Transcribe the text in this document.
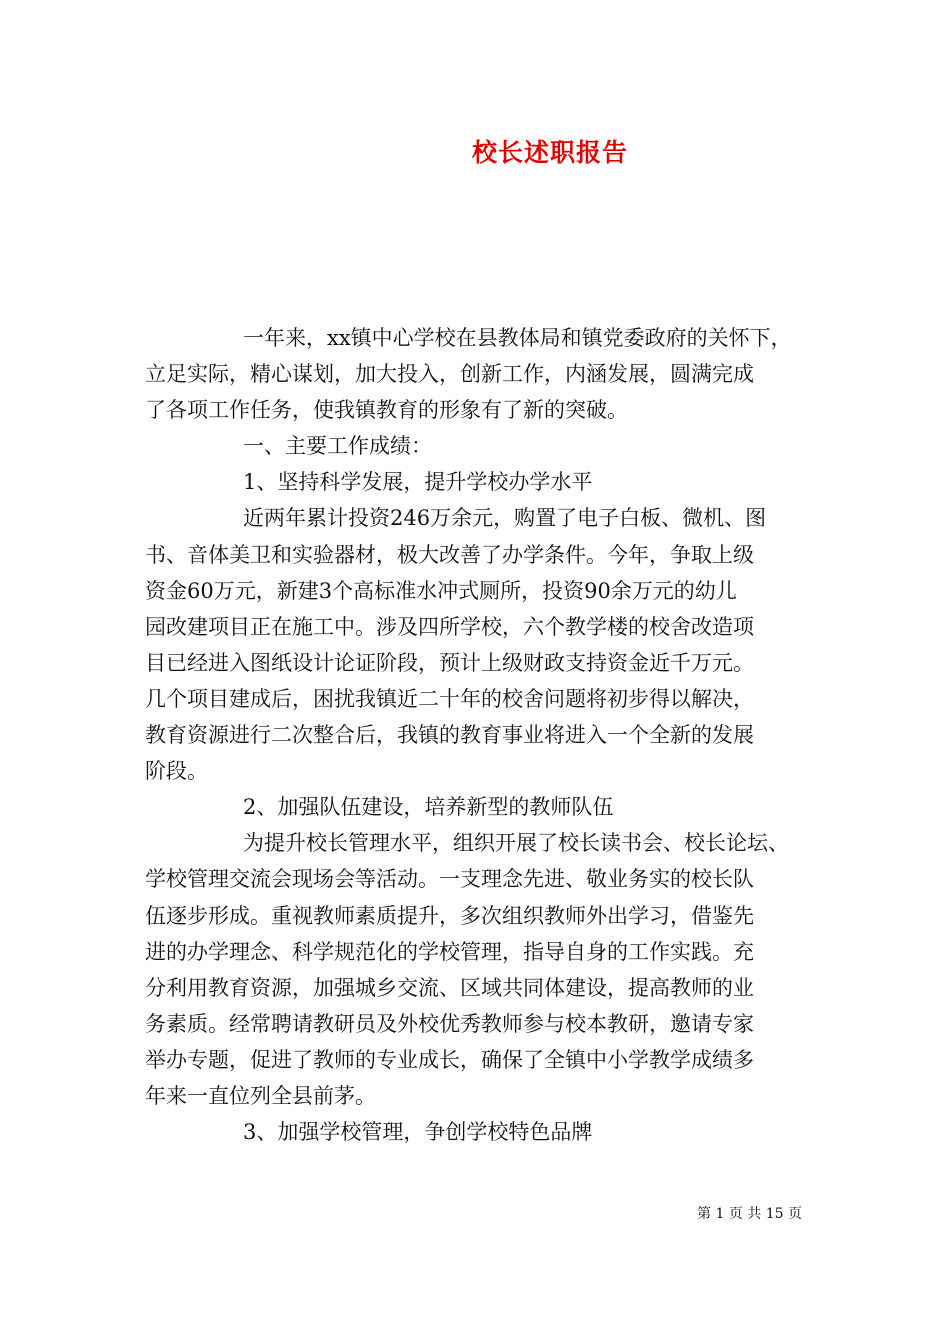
校长述职报告
一年来，xx镇中心学校在县教体局和镇党委政府的关怀下，
立足实际，精心谋划，加大投入，创新工作，内涵发展，圆满完成
了各项工作任务，使我镇教育的形象有了新的突破。
一、主要工作成绩：
1、坚持科学发展，提升学校办学水平
近两年累计投资246万余元，购置了电子白板、微机、图
书、音体美卫和实验器材，极大改善了办学条件。今年，争取上级
资金60万元，新建3个高标准水冲式厕所，投资90余万元的幼儿
园改建项目正在施工中。涉及四所学校，六个教学楼的校舍改造项
目已经进入图纸设计论证阶段，预计上级财政支持资金近千万元。
几个项目建成后，困扰我镇近二十年的校舍问题将初步得以解决，
教育资源进行二次整合后，我镇的教育事业将进入一个全新的发展
阶段。
2、加强队伍建设，培养新型的教师队伍
为提升校长管理水平，组织开展了校长读书会、校长论坛、
学校管理交流会现场会等活动。一支理念先进、敬业务实的校长队
伍逐步形成。重视教师素质提升，多次组织教师外出学习，借鉴先
进的办学理念、科学规范化的学校管理，指导自身的工作实践。充
分利用教育资源，加强城乡交流、区域共同体建设，提高教师的业
务素质。经常聘请教研员及外校优秀教师参与校本教研，邀请专家
举办专题，促进了教师的专业成长，确保了全镇中小学教学成绩多
年来一直位列全县前茅。
3、加强学校管理，争创学校特色品牌
第 1 页 共 15 页
